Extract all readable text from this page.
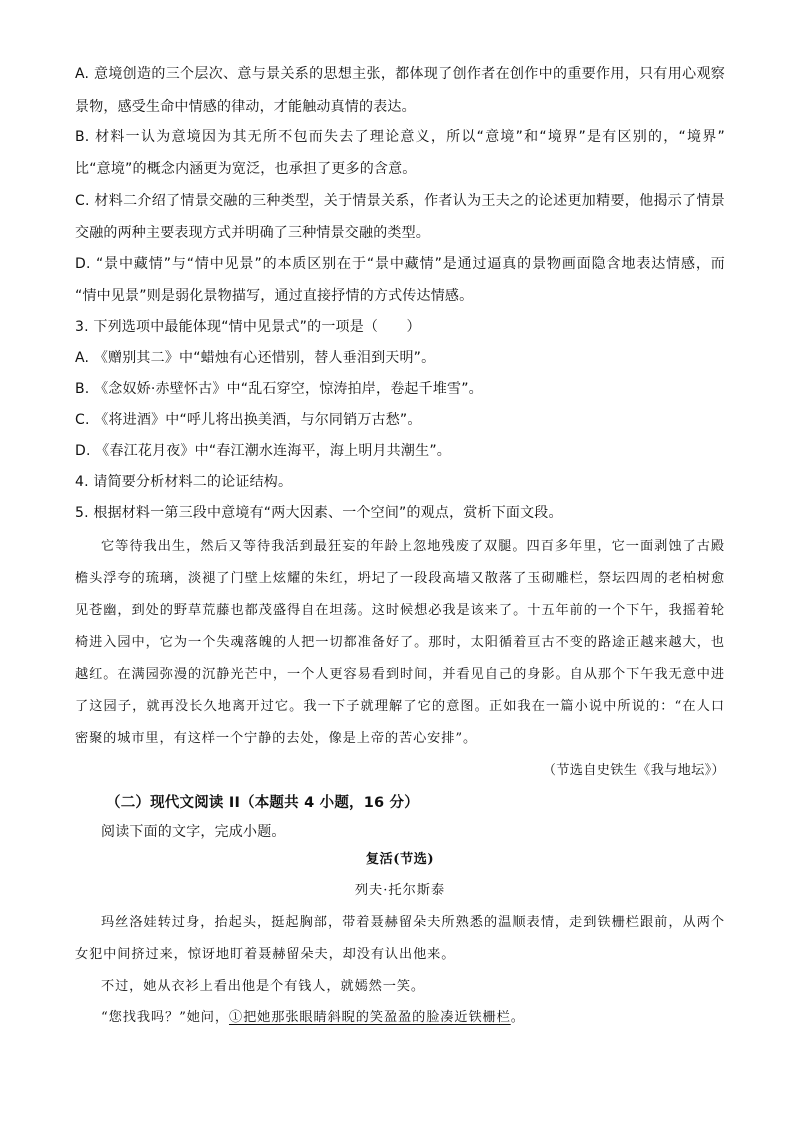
A. 意境创造的三个层次、意与景关系的思想主张，都体现了创作者在创作中的重要作用，只有用心观察
景物，感受生命中情感的律动，才能触动真情的表达。
B. 材料一认为意境因为其无所不包而失去了理论意义，所以“意境”和“境界”是有区别的，“境界”
比“意境”的概念内涵更为宽泛，也承担了更多的含意。
C. 材料二介绍了情景交融的三种类型，关于情景关系，作者认为王夫之的论述更加精要，他揭示了情景
交融的两种主要表现方式并明确了三种情景交融的类型。
D. “景中藏情”与“情中见景”的本质区别在于“景中藏情”是通过逼真的景物画面隐含地表达情感，而
“情中见景”则是弱化景物描写，通过直接抒情的方式传达情感。
3. 下列选项中最能体现“情中见景式”的一项是（　　）
A. 《赠别其二》中“蜡烛有心还惜别，替人垂泪到天明”。
B. 《念奴娇·赤壁怀古》中“乱石穿空，惊涛拍岸，卷起千堆雪”。
C. 《将进酒》中“呼儿将出换美酒，与尔同销万古愁”。
D. 《春江花月夜》中“春江潮水连海平，海上明月共潮生”。
4. 请简要分析材料二的论证结构。
5. 根据材料一第三段中意境有“两大因素、一个空间”的观点，赏析下面文段。
它等待我出生，然后又等待我活到最狂妄的年龄上忽地残废了双腿。四百多年里，它一面剥蚀了古殿
檐头浮夸的琉璃，淡褪了门壁上炫耀的朱红，坍圮了一段段高墙又散落了玉砌雕栏，祭坛四周的老柏树愈
见苍幽，到处的野草荒藤也都茂盛得自在坦荡。这时候想必我是该来了。十五年前的一个下午，我摇着轮
椅进入园中，它为一个失魂落魄的人把一切都准备好了。那时，太阳循着亘古不变的路途正越来越大，也
越红。在满园弥漫的沉静光芒中，一个人更容易看到时间，并看见自己的身影。自从那个下午我无意中进
了这园子，就再没长久地离开过它。我一下子就理解了它的意图。正如我在一篇小说中所说的：“在人口
密聚的城市里，有这样一个宁静的去处，像是上帝的苦心安排”。
（节选自史铁生《我与地坛》）
（二）现代文阅读 II（本题共 4 小题，16 分）
阅读下面的文字，完成小题。
复活(节选)
列夫·托尔斯泰
玛丝洛娃转过身，抬起头，挺起胸部，带着聂赫留朵夫所熟悉的温顺表情，走到铁栅栏跟前，从两个
女犯中间挤过来，惊讶地盯着聂赫留朵夫，却没有认出他来。
不过，她从衣衫上看出他是个有钱人，就嫣然一笑。
“您找我吗？”她问，①把她那张眼睛斜睨的笑盈盈的脸凑近铁栅栏。
